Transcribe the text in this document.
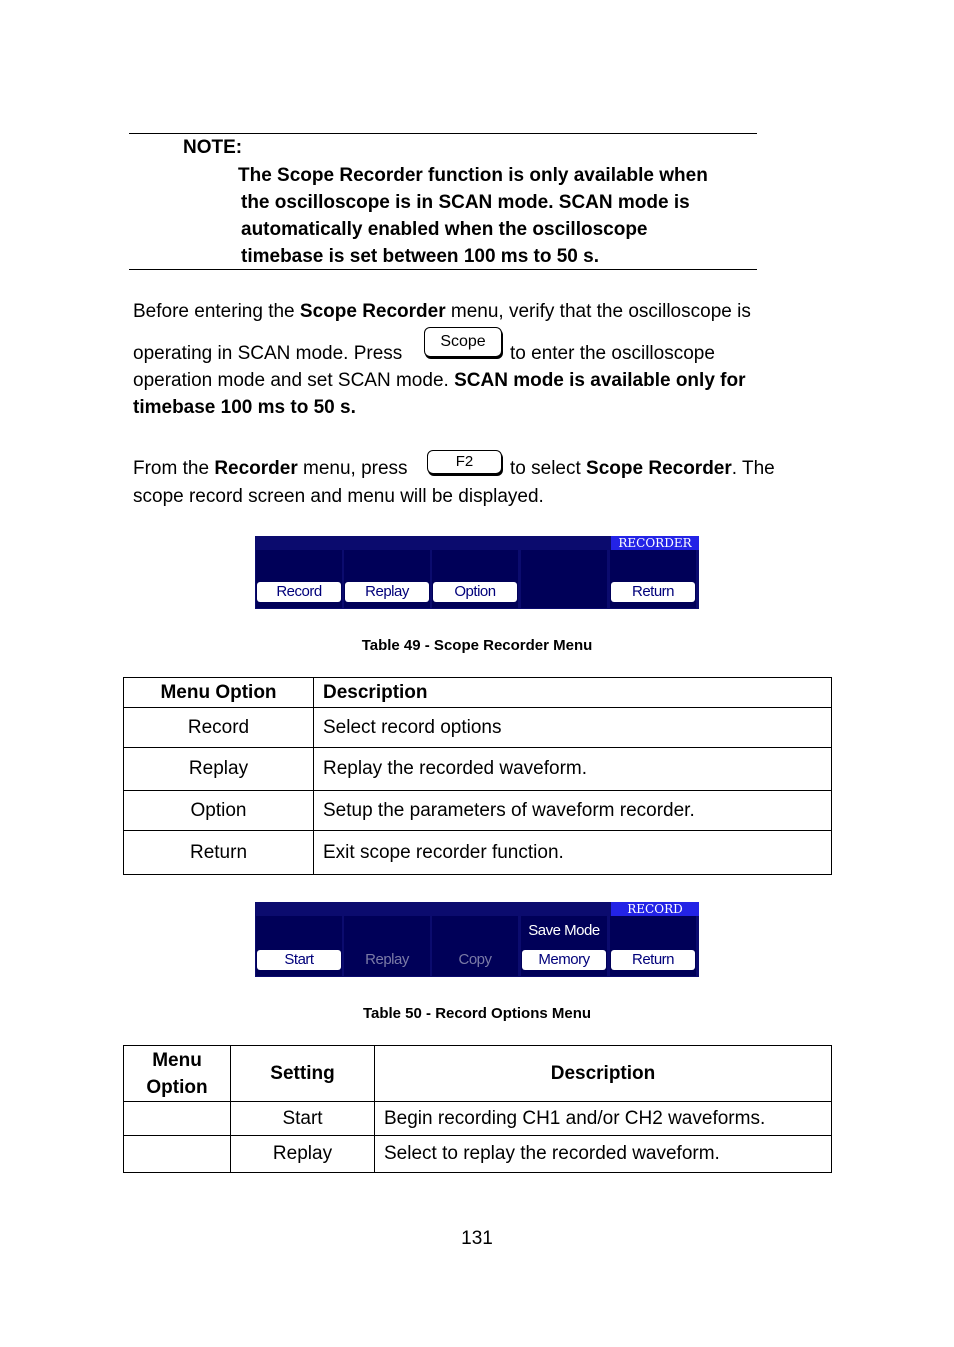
NOTE:
The Scope Recorder function is only available when
the oscilloscope is in SCAN mode. SCAN mode is
automatically enabled when the oscilloscope
timebase is set between 100 ms to 50 s.
Before entering the Scope Recorder menu, verify that the oscilloscope is
operating in SCAN mode. Press
Scope
to enter the oscilloscope
operation mode and set SCAN mode. SCAN mode is available only for
timebase 100 ms to 50 s.
From the Recorder menu, press	F2	to select Scope Recorder. The
scope record screen and menu will be displayed.
RECORDER
Record	Replay	Option	Return
Table 49 - Scope Recorder Menu
Menu Option	Description
Record	Select record options
Replay	Replay the recorded waveform.
Option	Setup the parameters of waveform recorder.
Return	Exit scope recorder function.
RECORD
Start	Replay	Copy
Save Mode
Memory	Return
Table 50 - Record Options Menu
Menu Option	Setting	Description
	Start	Begin recording CH1 and/or CH2 waveforms.
	Replay	Select to replay the recorded waveform.
131
